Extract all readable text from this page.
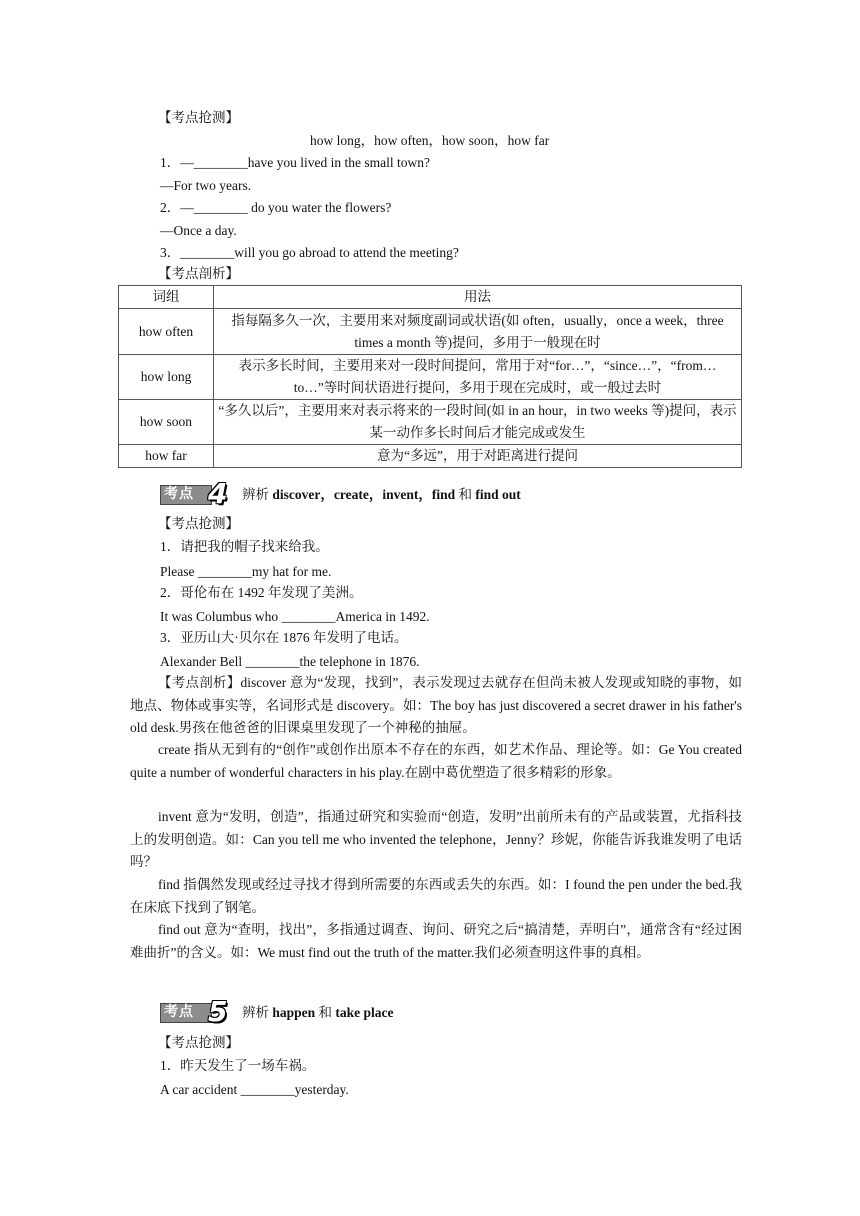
【考点抢测】
how long，how often，how soon，how far
1．—________have you lived in the small town?
—For two years.
2．—________ do you water the flowers?
—Once a day.
3．________will you go abroad to attend the meeting?
【考点剖析】
词组	用法
how often	指每隔多久一次，主要用来对频度副词或状语(如 often，usually，once a week，three times a month 等)提问，多用于一般现在时
how long	表示多长时间，主要用来对一段时间提问，常用于对“for…”，“since…”，“from…to…”等时间状语进行提问，多用于现在完成时，或一般过去时
how soon	“多久以后”，主要用来对表示将来的一段时间(如 in an hour，in two weeks 等)提问，表示某一动作多长时间后才能完成或发生
how far	意为“多远”，用于对距离进行提问
考点 4 辨析 discover，create，invent，find 和 find out
【考点抢测】
1．请把我的帽子找来给我。
Please ________my hat for me.
2．哥伦布在 1492 年发现了美洲。
It was Columbus who ________America in 1492.
3．亚历山大·贝尔在 1876 年发明了电话。
Alexander Bell ________the telephone in 1876.
【考点剖析】discover 意为“发现，找到”，表示发现过去就存在但尚未被人发现或知晓的事物，如地点、物体或事实等，名词形式是 discovery。如：The boy has just discovered a secret drawer in his father's old desk.男孩在他爸爸的旧课桌里发现了一个神秘的抽屉。
create 指从无到有的“创作”或创作出原本不存在的东西，如艺术作品、理论等。如：Ge You created quite a number of wonderful characters in his play.在剧中葛优塑造了很多精彩的形象。
invent 意为“发明，创造”，指通过研究和实验而“创造，发明”出前所未有的产品或装置，尤指科技上的发明创造。如：Can you tell me who invented the telephone，Jenny？珍妮，你能告诉我谁发明了电话吗？
find 指偶然发现或经过寻找才得到所需要的东西或丢失的东西。如：I found the pen under the bed.我在床底下找到了钢笔。
find out 意为“查明，找出”，多指通过调查、询问、研究之后“搞清楚，弄明白”，通常含有“经过困难曲折”的含义。如：We must find out the truth of the matter.我们必须查明这件事的真相。
考点 5 辨析 happen 和 take place
【考点抢测】
1．昨天发生了一场车祸。
A car accident ________yesterday.
